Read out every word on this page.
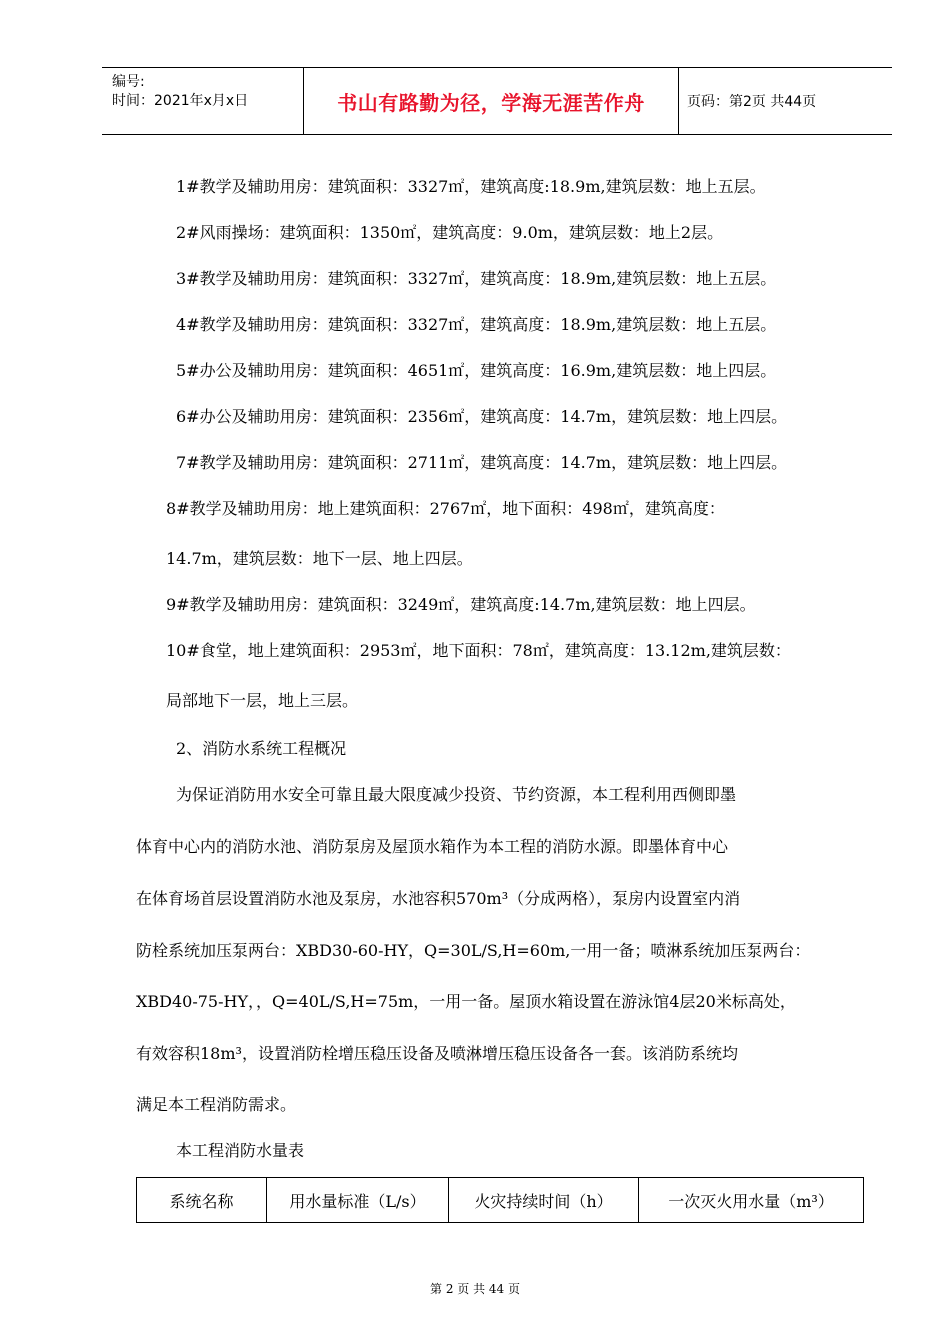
编号:
时间：2021年x月x日	书山有路勤为径，学海无涯苦作舟	页码：第2页 共44页
1#教学及辅助用房：建筑面积：3327㎡，建筑高度:18.9m,建筑层数：地上五层。
2#风雨操场：建筑面积：1350㎡，建筑高度：9.0m，建筑层数：地上2层。
3#教学及辅助用房：建筑面积：3327㎡，建筑高度：18.9m,建筑层数：地上五层。
4#教学及辅助用房：建筑面积：3327㎡，建筑高度：18.9m,建筑层数：地上五层。
5#办公及辅助用房：建筑面积：4651㎡，建筑高度：16.9m,建筑层数：地上四层。
6#办公及辅助用房：建筑面积：2356㎡，建筑高度：14.7m，建筑层数：地上四层。
7#教学及辅助用房：建筑面积：2711㎡，建筑高度：14.7m，建筑层数：地上四层。
8#教学及辅助用房：地上建筑面积：2767㎡，地下面积：498㎡，建筑高度：
14.7m，建筑层数：地下一层、地上四层。
9#教学及辅助用房：建筑面积：3249㎡，建筑高度:14.7m,建筑层数：地上四层。
10#食堂，地上建筑面积：2953㎡，地下面积：78㎡，建筑高度：13.12m,建筑层数：
局部地下一层，地上三层。
2、消防水系统工程概况
为保证消防用水安全可靠且最大限度减少投资、节约资源，本工程利用西侧即墨
体育中心内的消防水池、消防泵房及屋顶水箱作为本工程的消防水源。即墨体育中心
在体育场首层设置消防水池及泵房，水池容积570m³（分成两格），泵房内设置室内消
防栓系统加压泵两台：XBD30-60-HY，Q=30L/S,H=60m,一用一备；喷淋系统加压泵两台：
XBD40-75-HY，，Q=40L/S,H=75m，一用一备。屋顶水箱设置在游泳馆4层20米标高处，
有效容积18m³，设置消防栓增压稳压设备及喷淋增压稳压设备各一套。该消防系统均
满足本工程消防需求。
本工程消防水量表
系统名称	用水量标准（L/s）	火灾持续时间（h）	一次灭火用水量（m³）
第 2 页 共 44 页
